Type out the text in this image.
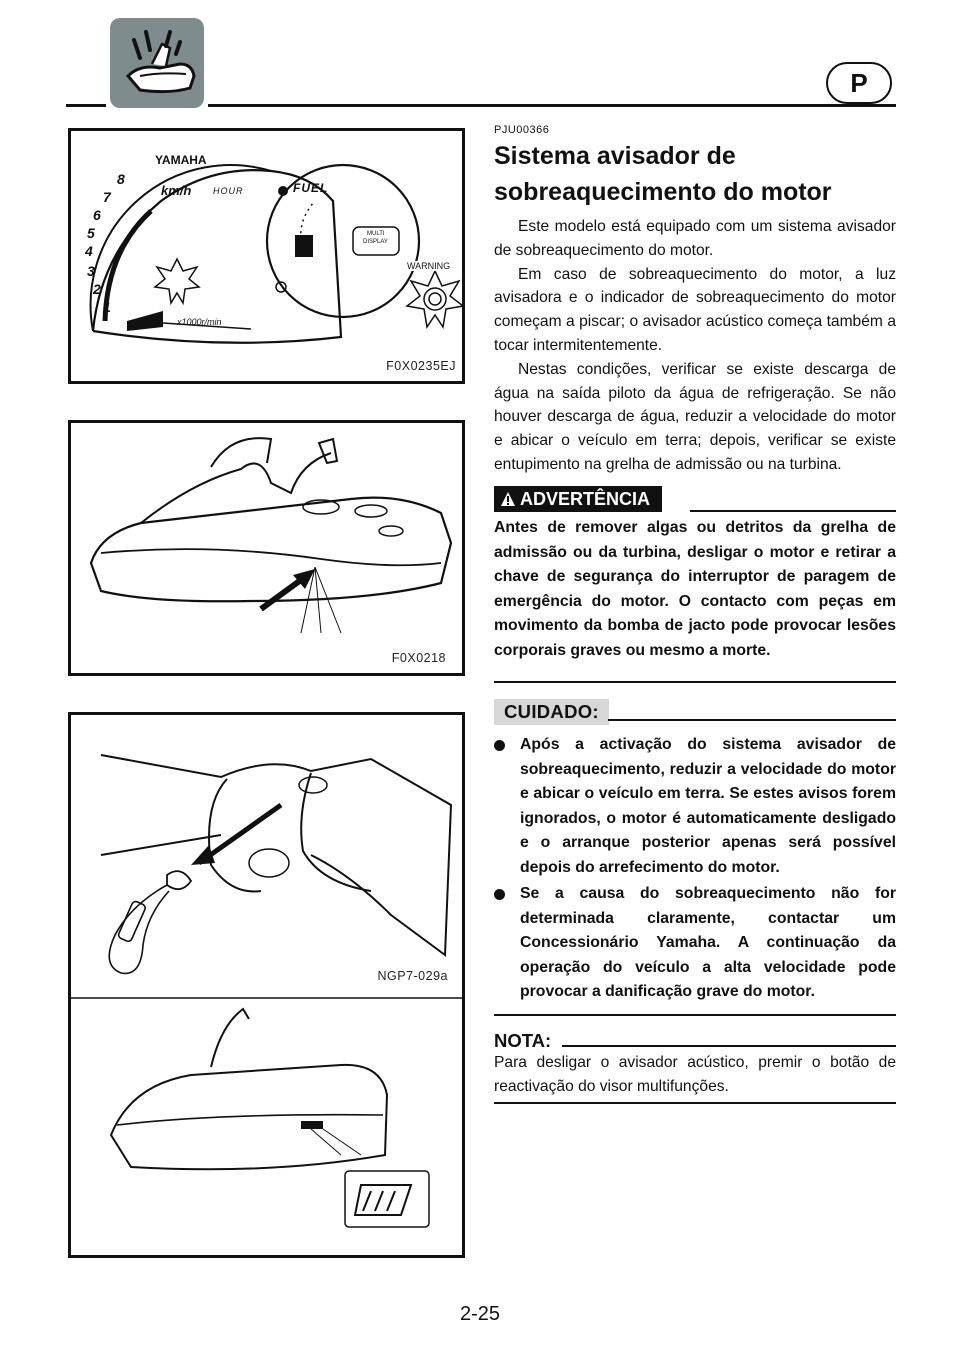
P
YAMAHA
km/h HOUR	FUEL
MULTI
DISPLAY
x1000r/min
WARNING
8
7
6
5
4
3
2
1
F0X0235EJ
F0X0218
NGP7-029a
PJU00366
Sistema avisador de
sobreaquecimento do motor

Este modelo está equipado com um sistema avisador de sobreaquecimento do motor.

Em caso de sobreaquecimento do motor, a luz avisadora e o indicador de sobreaquecimento do motor começam a piscar; o avisador acústico começa também a tocar intermitentemente.

Nestas condições, verificar se existe descarga de água na saída piloto da água de refrigeração. Se não houver descarga de água, reduzir a velocidade do motor e abicar o veículo em terra; depois, verificar se existe entupimento na grelha de admissão ou na turbina.

ADVERTÊNCIA

Antes de remover algas ou detritos da grelha de admissão ou da turbina, desligar o motor e retirar a chave de segurança do interruptor de paragem de emergência do motor. O contacto com peças em movimento da bomba de jacto pode provocar lesões corporais graves ou mesmo a morte.

CUIDADO:
Após a activação do sistema avisador de sobreaquecimento, reduzir a velocidade do motor e abicar o veículo em terra. Se estes avisos forem ignorados, o motor é automaticamente desligado e o arranque posterior apenas será possível depois do arrefecimento do motor.
Se a causa do sobreaquecimento não for determinada claramente, contactar um Concessionário Yamaha. A continuação da operação do veículo a alta velocidade pode provocar a danificação grave do motor.
NOTA:

Para desligar o avisador acústico, premir o botão de reactivação do visor multifunções.

2-25
